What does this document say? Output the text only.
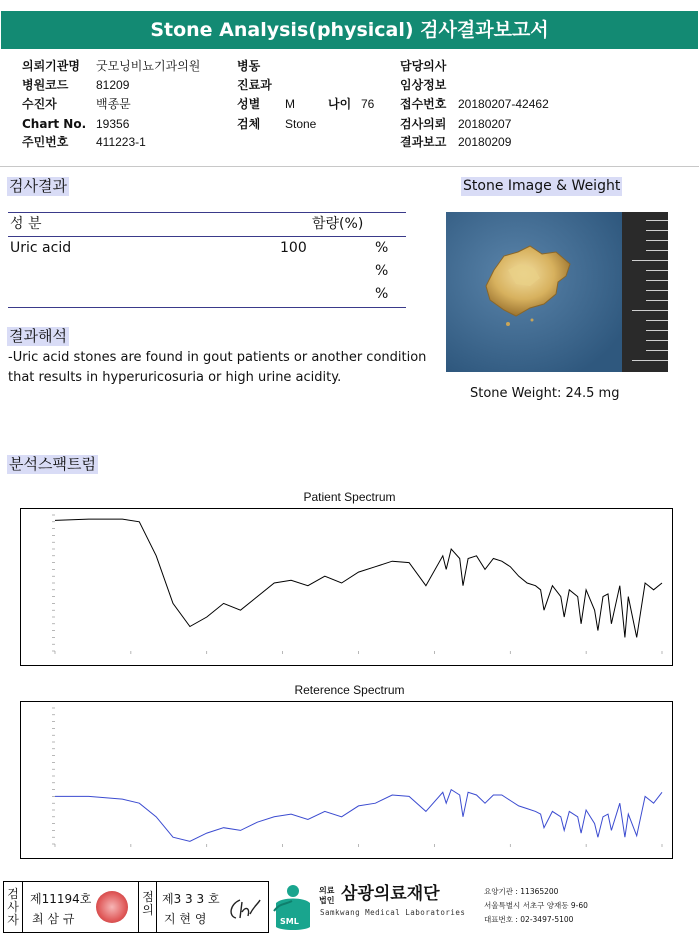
Stone Analysis(physical) 검사결과보고서
의뢰기관명 굿모닝비뇨기과의원
병원코드 81209
수진자	백종문
Chart No. 19356
주민번호 411223-1
병동
진료과
성별 M	나이 76
검체 Stone
담당의사
임상정보
접수번호 20180207-42462
검사의뢰 20180207
결과보고 20180209
검사결과
성 분	함량(%)
Uric acid	100	%
%
%
결과해석
-Uric acid stones are found in gout patients or another condition that results in hyperuricosuria or high urine acidity.
Stone Image & Weight
Stone Weight: 24.5 mg
분석스팩트럼
Patient Spectrum
Reterence Spectrum
검사자
제11194호
최 삼 규
점의
제3 3 3 호
지 현 영	SML
의료
법인 삼광의료재단
Samkwang Medical Laboratories
요양기관 : 11365200
서울특별시 서초구 양재동 9-60
대표번호 : 02-3497-5100
